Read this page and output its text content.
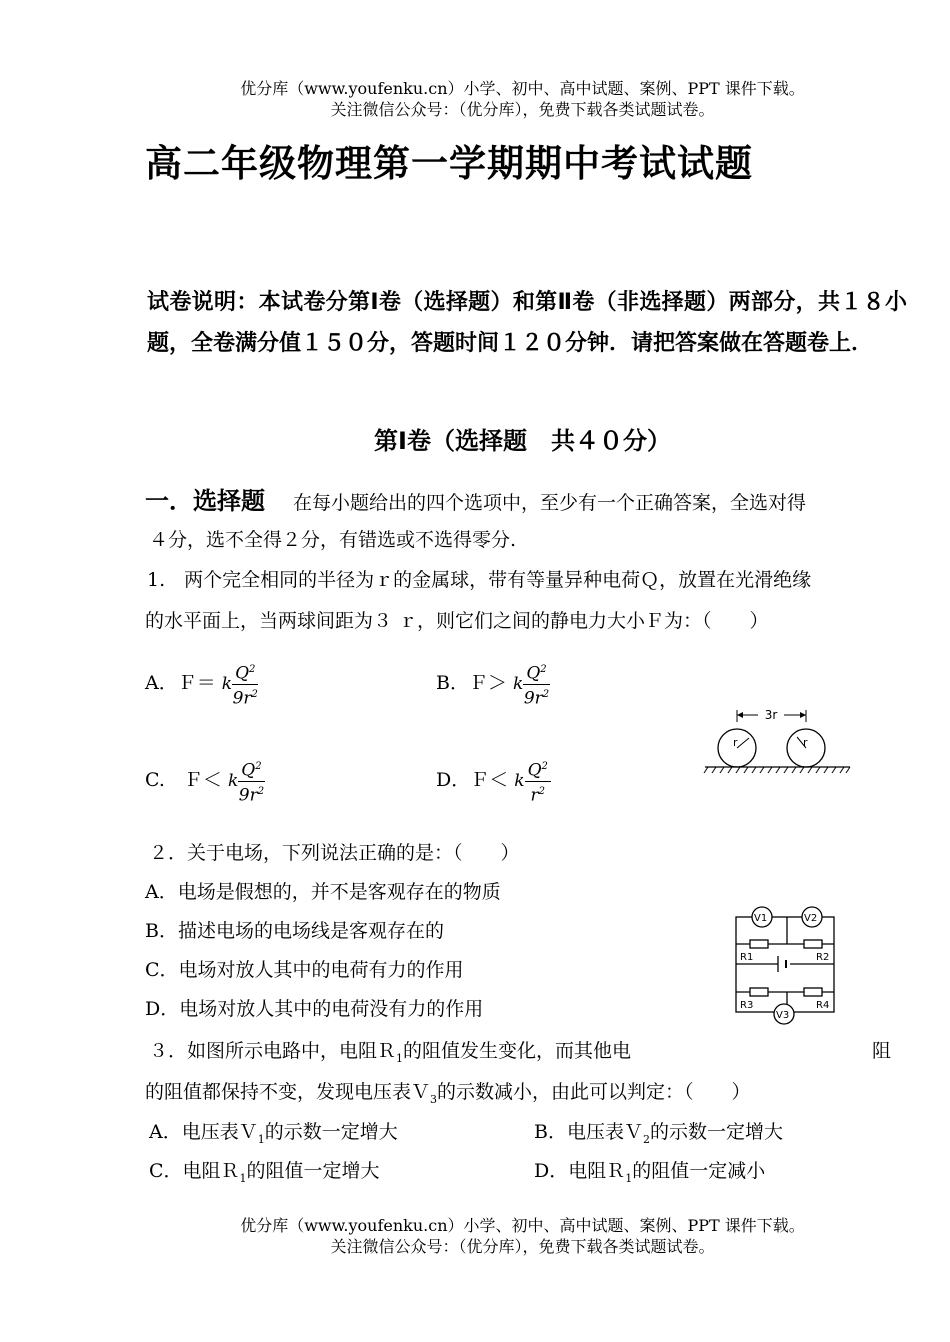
优分库（www.youfenku.cn）小学、初中、高中试题、案例、PPT 课件下载。
关注微信公众号：（优分库），免费下载各类试题试卷。
高二年级物理第一学期期中考试试题
试卷说明：本试卷分第Ⅰ卷（选择题）和第Ⅱ卷（非选择题）两部分，共１８小题，全卷满分值１５０分，答题时间１２０分钟．请把答案做在答题卷上．
第Ⅰ卷（选择题　共４０分）
一．选择题 在每小题给出的四个选项中，至少有一个正确答案，全选对得
４分，选不全得２分，有错选或不选得零分.
1.　两个完全相同的半径为ｒ的金属球，带有等量异种电荷Ｑ，放置在光滑绝缘
的水平面上，当两球间距为３ ｒ，则它们之间的静电力大小Ｆ为：（　　）
A．Ｆ＝ k $\frac{Q^2}{9r^2}$	B．Ｆ＞ k $\frac{Q^2}{9r^2}$
C.　Ｆ＜ k $\frac{Q^2}{9r^2}$	D．Ｆ＜ k $\frac{Q^2}{r^2}$
3r
r	r
２．关于电场，下列说法正确的是：（　　）
A．电场是假想的，并不是客观存在的物质
B．描述电场的电场线是客观存在的
C．电场对放人其中的电荷有力的作用
D．电场对放人其中的电荷没有力的作用
V1	V2
V3
R1	R2
R3	R4
３．如图所示电路中，电阻Ｒ$_1$的阻值发生变化，而其他电	阻
的阻值都保持不变，发现电压表Ｖ$_3$的示数减小，由此可以判定：（　　）
A．电压表Ｖ$_1$的示数一定增大	B．电压表Ｖ$_2$的示数一定增大
C．电阻Ｒ$_1$的阻值一定增大	D．电阻Ｒ$_1$的阻值一定减小
优分库（www.youfenku.cn）小学、初中、高中试题、案例、PPT 课件下载。
关注微信公众号：（优分库），免费下载各类试题试卷。
